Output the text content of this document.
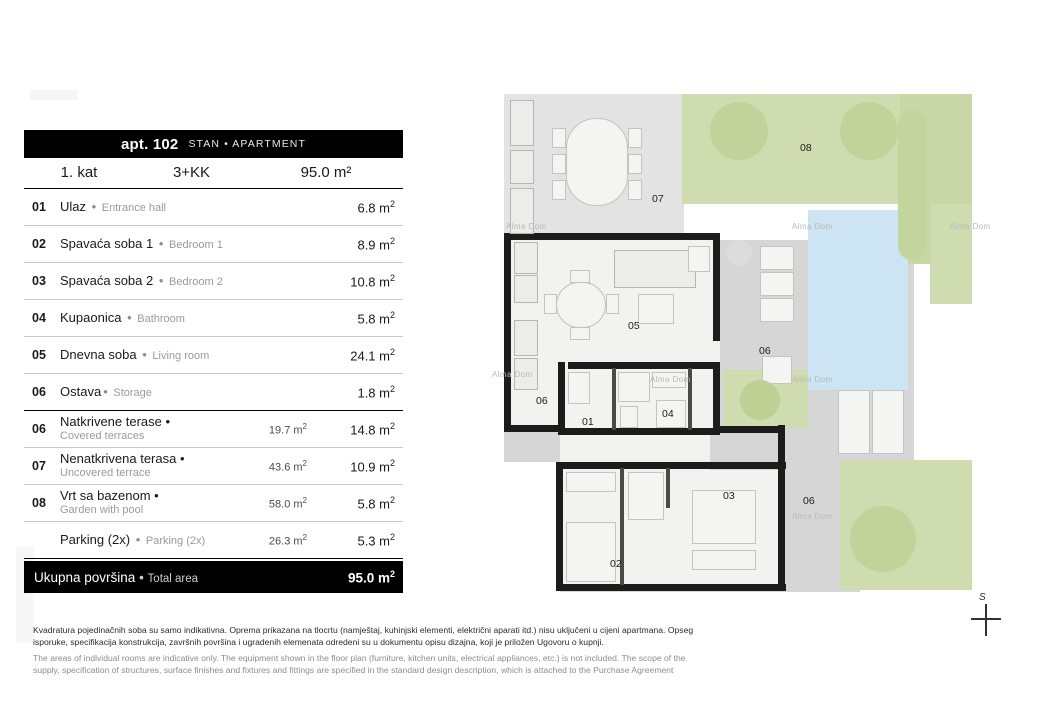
apt. 102 STAN • APARTMENT
1. kat	3+KK	95.0 m²
01	Ulaz • Entrance hall	6.8 $m^2$
02	Spavaća soba 1 • Bedroom 1	8.9 $m^2$
03	Spavaća soba 2 • Bedroom 2	10.8 $m^2$
04	Kupaonica • Bathroom	5.8 $m^2$
05	Dnevna soba • Living room	24.1 $m^2$
06	Ostava • Storage	1.8 $m^2$
06	Natkrivene terase •
Covered terraces	19.7 $m^2$	14.8 $m^2$
07	Nenatkrivena terasa •
Uncovered terrace	43.6 $m^2$	10.9 $m^2$
08	Vrt sa bazenom •
Garden with pool	58.0 $m^2$	5.8 $m^2$
Parking (2x) • Parking (2x)	26.3 $m^2$	5.3 $m^2$
Ukupna površina • Total area	95.0 $m^2$
Kvadratura pojedinačnih soba su samo indikativna. Oprema prikazana na tlocrtu (namještaj, kuhinjski elementi, električni aparati itd.) nisu uključeni u cijeni apartmana. Opseg isporuke, specifikacija konstrukcija, završnih površina i ugradenih elemenata odredeni su u dokumentu opisu dizajna, koji je priložen Ugovoru o kupnji.
The areas of individual rooms are indicative only. The equipment shown in the floor plan (furniture, kitchen units, electrical appliances, etc.) is not included. The scope of the supply, specification of structures, surface finishes and fixtures and fittings are specified in the standard design description, which is attached to the Purchase Agreement
08
07
05
06
06
01
04
03	06
02
Alma Dom	Alma Dom	Alma Dom
Alma Dom
Alma Dom	Alma Dom
Alma Dom
S
